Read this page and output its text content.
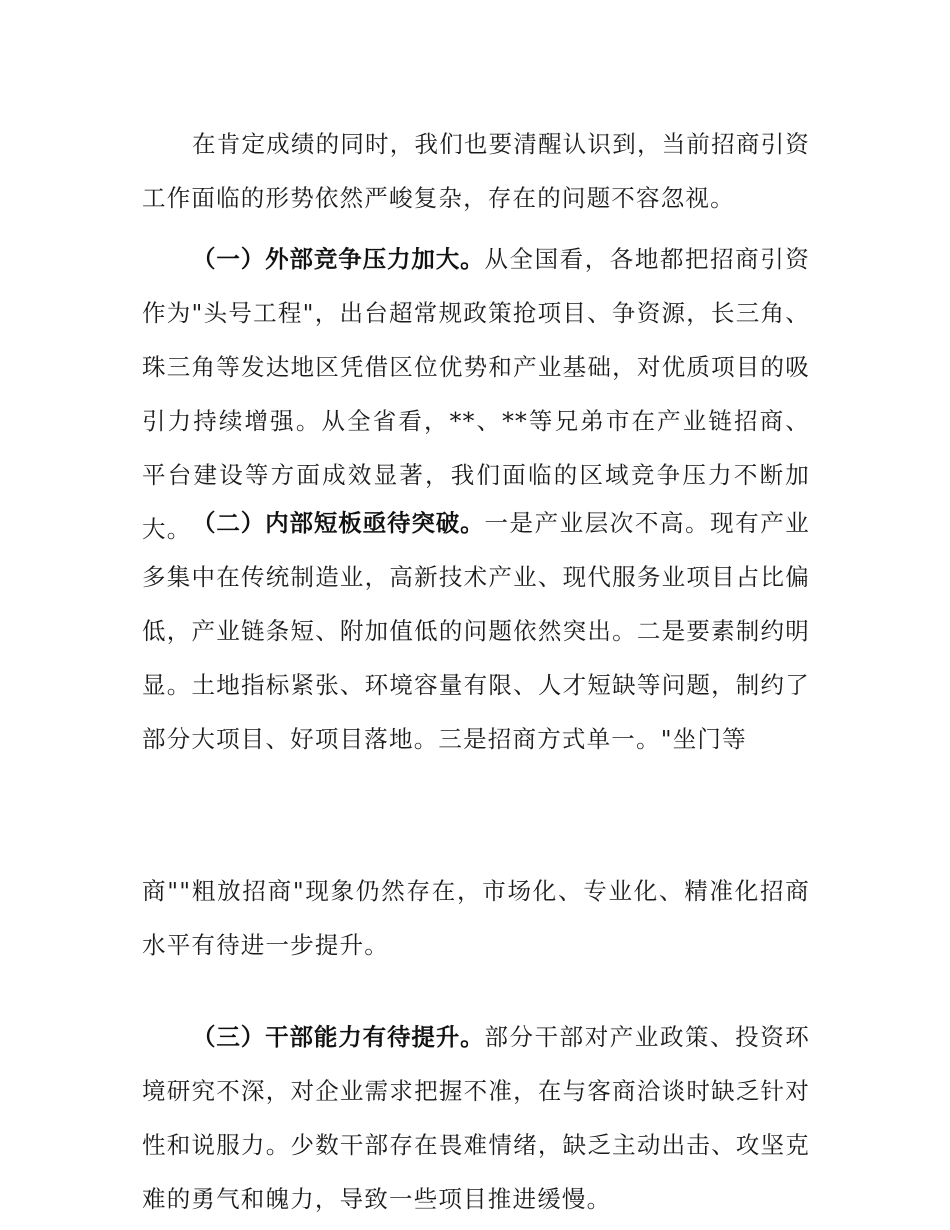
在肯定成绩的同时，我们也要清醒认识到，当前招商引资工作面临的形势依然严峻复杂，存在的问题不容忽视。

（一）外部竞争压力加大。从全国看，各地都把招商引资作为"头号工程"，出台超常规政策抢项目、争资源，长三角、珠三角等发达地区凭借区位优势和产业基础，对优质项目的吸引力持续增强。从全省看，**、**等兄弟市在产业链招商、平台建设等方面成效显著，我们面临的区域竞争压力不断加大。 （二）内部短板亟待突破。一是产业层次不高。现有产业多集中在传统制造业，高新技术产业、现代服务业项目占比偏低，产业链条短、附加值低的问题依然突出。二是要素制约明显。土地指标紧张、环境容量有限、人才短缺等问题，制约了部分大项目、好项目落地。三是招商方式单一。"坐门等

商""粗放招商"现象仍然存在，市场化、专业化、精准化招商水平有待进一步提升。

（三）干部能力有待提升。部分干部对产业政策、投资环境研究不深，对企业需求把握不准，在与客商洽谈时缺乏针对性和说服力。少数干部存在畏难情绪，缺乏主动出击、攻坚克难的勇气和魄力，导致一些项目推进缓慢。
